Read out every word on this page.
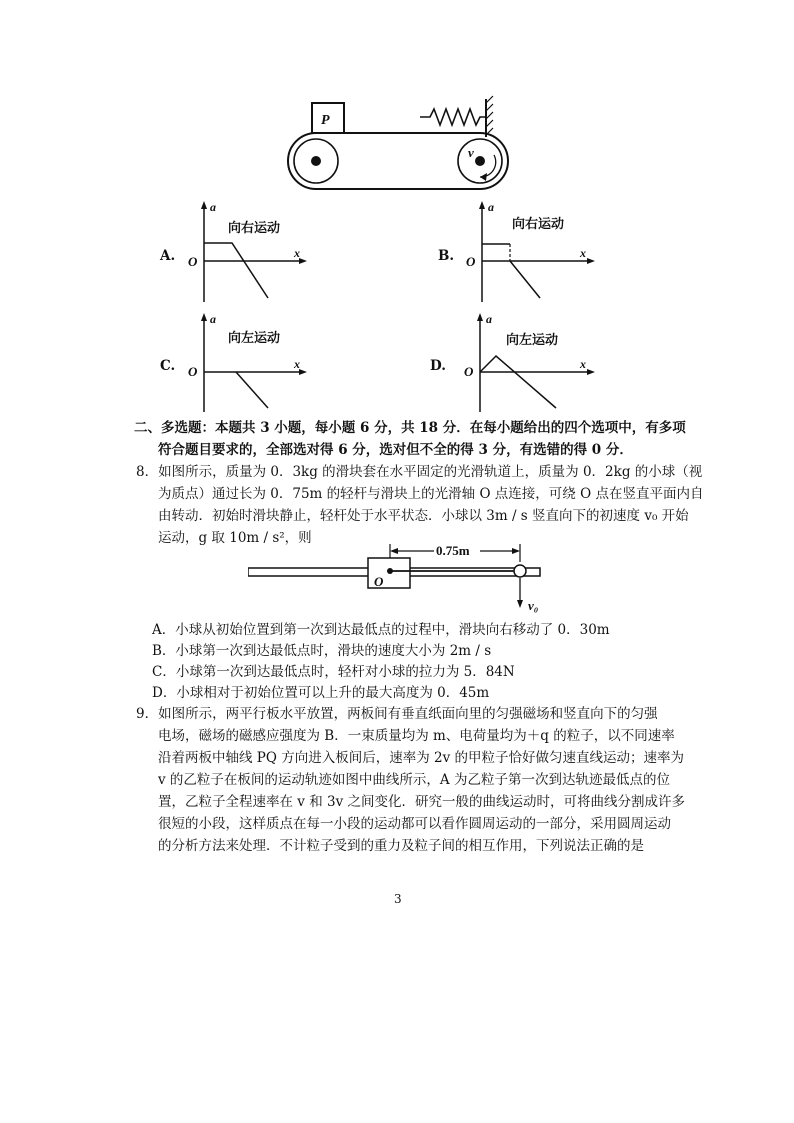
P
v
A.
a
x
O
向右运动
B.
a
x
O
向右运动
C.
a
x
O
向左运动
D.
a
x
O
向左运动
二、多选题：本题共 3 小题，每小题 6 分，共 18 分．在每小题给出的四个选项中，有多项
符合题目要求的，全部选对得 6 分，选对但不全的得 3 分，有选错的得 0 分．
8．如图所示，质量为 0．3kg 的滑块套在水平固定的光滑轨道上，质量为 0．2kg 的小球（视
为质点）通过长为 0．75m 的轻杆与滑块上的光滑轴 O 点连接，可绕 O 点在竖直平面内自
由转动．初始时滑块静止，轻杆处于水平状态．小球以 3m / s 竖直向下的初速度 v₀ 开始
运动，g 取 10m / s²，则
0.75m
O
v₀
A．小球从初始位置到第一次到达最低点的过程中，滑块向右移动了 0．30m
B．小球第一次到达最低点时，滑块的速度大小为 2m / s
C．小球第一次到达最低点时，轻杆对小球的拉力为 5．84N
D．小球相对于初始位置可以上升的最大高度为 0．45m
9．如图所示，两平行板水平放置，两板间有垂直纸面向里的匀强磁场和竖直向下的匀强
电场，磁场的磁感应强度为 B．一束质量均为 m、电荷量均为＋q 的粒子，以不同速率
沿着两板中轴线 PQ 方向进入板间后，速率为 2v 的甲粒子恰好做匀速直线运动；速率为
v 的乙粒子在板间的运动轨迹如图中曲线所示，A 为乙粒子第一次到达轨迹最低点的位
置，乙粒子全程速率在 v 和 3v 之间变化．研究一般的曲线运动时，可将曲线分割成许多
很短的小段，这样质点在每一小段的运动都可以看作圆周运动的一部分，采用圆周运动
的分析方法来处理．不计粒子受到的重力及粒子间的相互作用，下列说法正确的是
3
